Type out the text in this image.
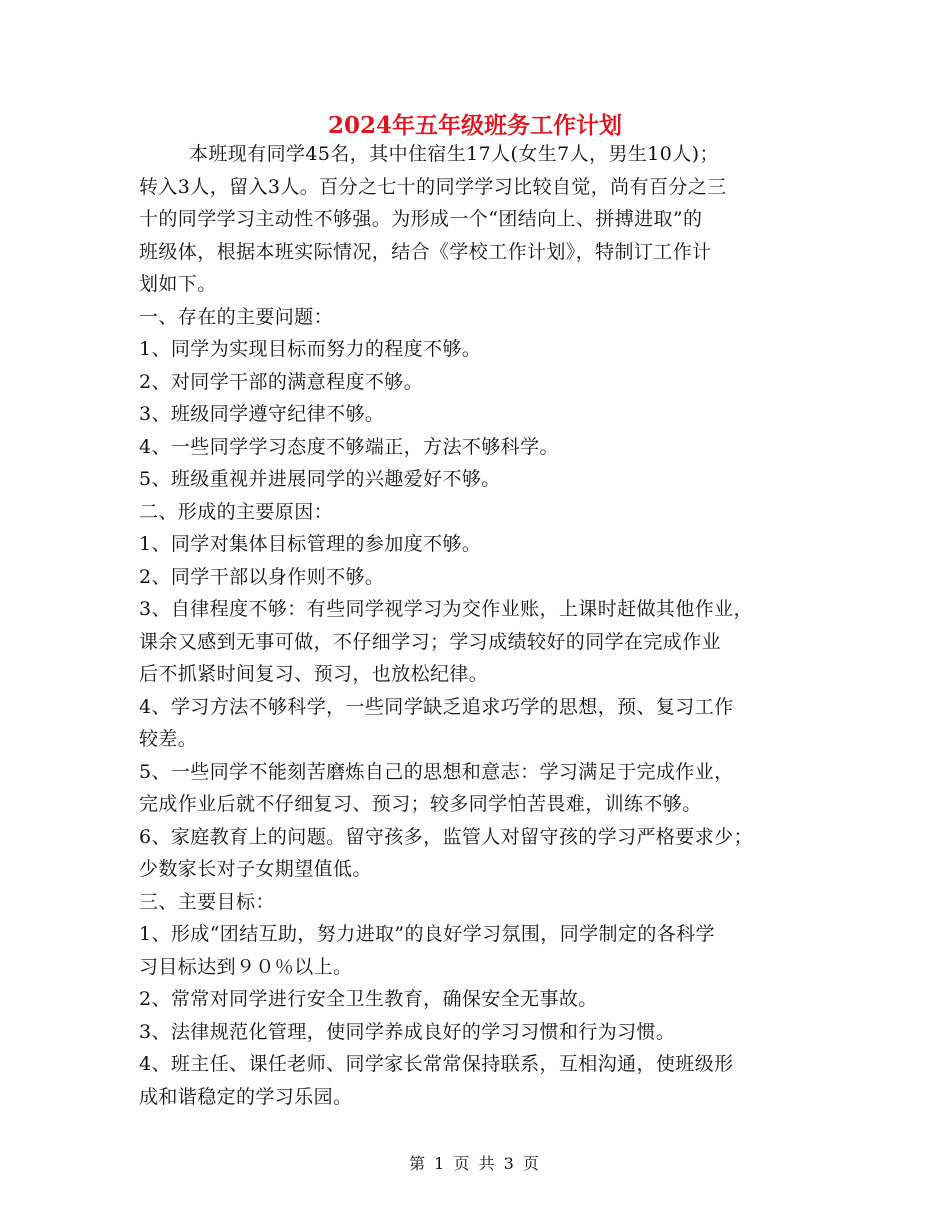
2024年五年级班务工作计划
本班现有同学45名，其中住宿生17人(女生7人，男生10人)；
转入3人，留入3人。百分之七十的同学学习比较自觉，尚有百分之三
十的同学学习主动性不够强。为形成一个“团结向上、拼搏进取”的
班级体，根据本班实际情况，结合《学校工作计划》，特制订工作计
划如下。
一、存在的主要问题：
1、同学为实现目标而努力的程度不够。
2、对同学干部的满意程度不够。
3、班级同学遵守纪律不够。
4、一些同学学习态度不够端正，方法不够科学。
5、班级重视并进展同学的兴趣爱好不够。
二、形成的主要原因：
1、同学对集体目标管理的参加度不够。
2、同学干部以身作则不够。
3、自律程度不够：有些同学视学习为交作业账，上课时赶做其他作业，
课余又感到无事可做，不仔细学习；学习成绩较好的同学在完成作业
后不抓紧时间复习、预习，也放松纪律。
4、学习方法不够科学，一些同学缺乏追求巧学的思想，预、复习工作
较差。
5、一些同学不能刻苦磨炼自己的思想和意志：学习满足于完成作业，
完成作业后就不仔细复习、预习；较多同学怕苦畏难，训练不够。
6、家庭教育上的问题。留守孩多，监管人对留守孩的学习严格要求少；
少数家长对子女期望值低。
三、主要目标：
1、形成“团结互助，努力进取”的良好学习氛围，同学制定的各科学
习目标达到９０％以上。
2、常常对同学进行安全卫生教育，确保安全无事故。
3、法律规范化管理，使同学养成良好的学习习惯和行为习惯。
4、班主任、课任老师、同学家长常常保持联系，互相沟通，使班级形
成和谐稳定的学习乐园。
第 1 页 共 3 页
